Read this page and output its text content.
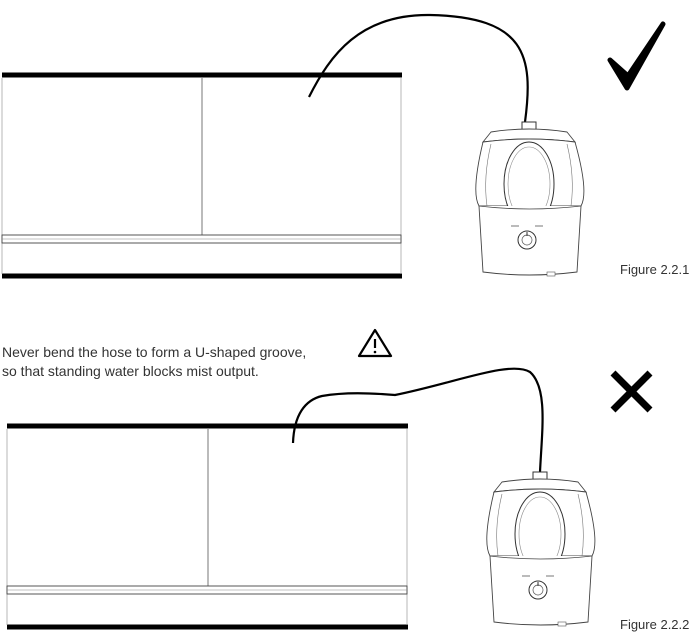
Figure 2.2.1
Figure 2.2.2
Never bend the hose to form a U-shaped groove,
so that standing water blocks mist output.
